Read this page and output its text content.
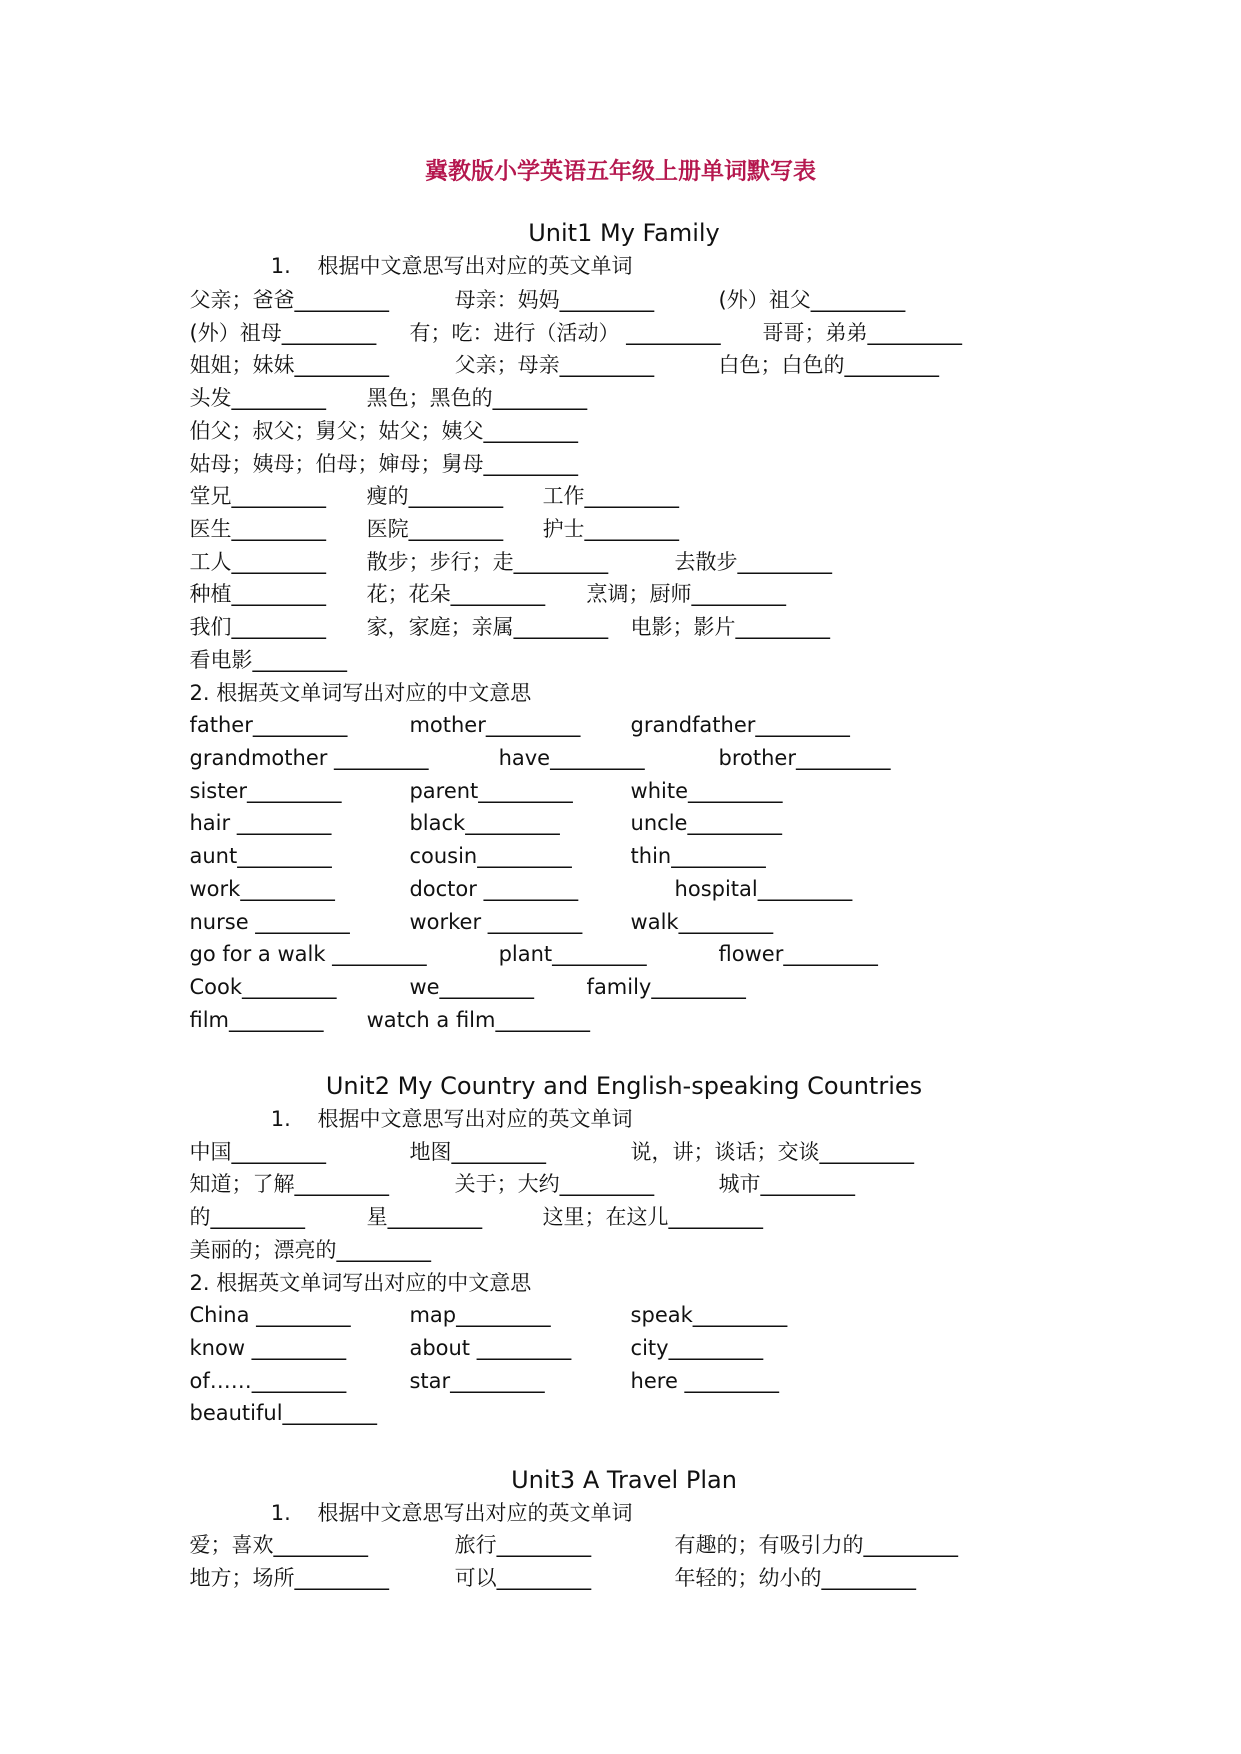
冀教版小学英语五年级上册单词默写表
Unit1 My Family
1.    根据中文意思写出对应的英文单词
父亲；爸爸_________	母亲：妈妈_________	(外）祖父_________
(外）祖母_________ 有；吃：进行（活动） _________ 哥哥；弟弟_________
姐姐；妹妹_________	父亲；母亲_________	白色；白色的_________
头发_________ 黑色；黑色的_________
伯父；叔父；舅父；姑父；姨父_________
姑母；姨母；伯母；婶母；舅母_________
堂兄_________ 瘦的_________ 工作_________
医生_________ 医院_________ 护士_________
工人_________ 散步；步行；走_________	去散步_________
种植_________ 花；花朵_________ 烹调；厨师_________
我们_________ 家，家庭；亲属_________ 电影；影片_________
看电影_________
2. 根据英文单词写出对应的中文意思
father_________	mother_________ grandfather_________
grandmother _________	have_________	brother_________
sister_________	parent_________	white_________
hair _________	black_________	uncle_________
aunt_________	cousin_________	thin_________
work_________	doctor _________	hospital_________
nurse _________	worker _________ walk_________
go for a walk _________	plant_________	flower_________
Cook_________	we_________ family_________
film_________ watch a film_________
Unit2 My Country and English-speaking Countries
1.    根据中文意思写出对应的英文单词
中国_________	地图_________	说，讲；谈话；交谈_________
知道；了解_________	关于；大约_________	城市_________
的_________	星_________	这里；在这儿_________
美丽的；漂亮的_________
2. 根据英文单词写出对应的中文意思
China _________	map_________	speak_________
know _________	about _________	city_________
of……_________	star_________	here _________
beautiful_________
Unit3 A Travel Plan
1.    根据中文意思写出对应的英文单词
爱；喜欢_________	旅行_________	有趣的；有吸引力的_________
地方；场所_________	可以_________	年轻的；幼小的_________
